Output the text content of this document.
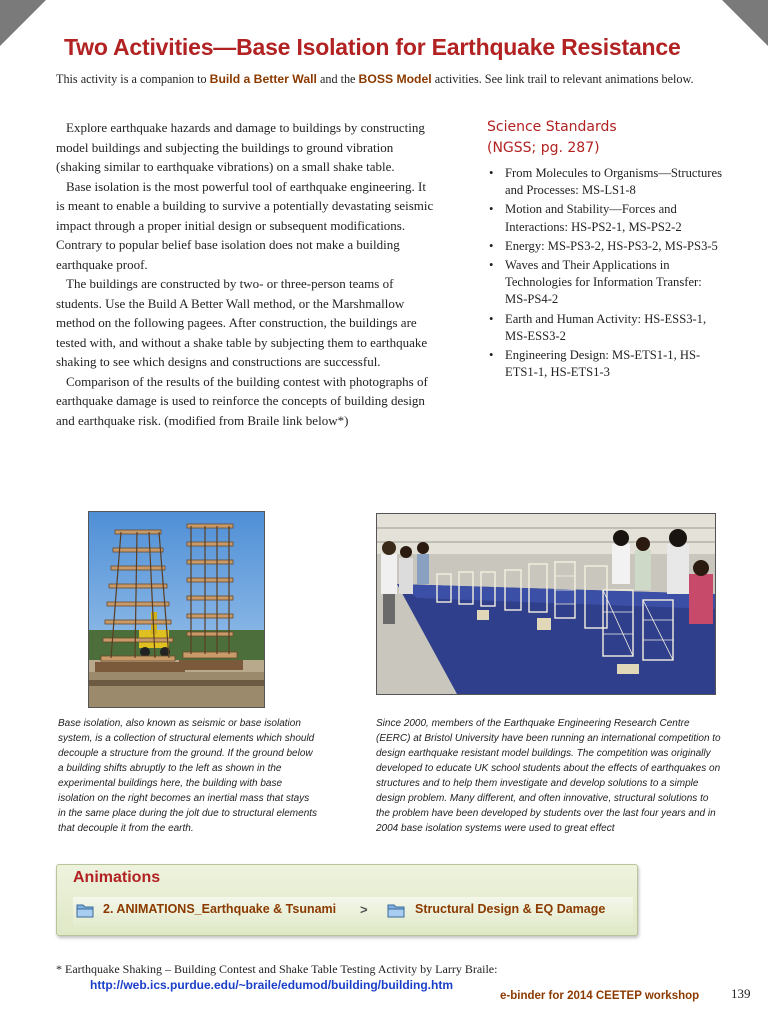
Two Activities—Base Isolation for Earthquake Resistance
This activity is a companion to Build a Better Wall and the BOSS Model activities. See link trail to relevant animations below.

Explore earthquake hazards and damage to buildings by constructing model buildings and subjecting the buildings to ground vibration (shaking similar to earthquake vibrations) on a small shake table.

Base isolation is the most powerful tool of earthquake engineering. It is meant to enable a building to survive a potentially devastating seismic impact through a proper initial design or subsequent modifications. Contrary to popular belief base isolation does not make a building earthquake proof.

The buildings are constructed by two- or three-person teams of students. Use the Build A Better Wall method, or the Marshmallow method on the following pagees. After construction, the buildings are tested with, and without a shake table by subjecting them to earthquake shaking to see which designs and constructions are successful.

Comparison of the results of the building contest with photographs of earthquake damage is used to reinforce the concepts of building design and earthquake risk. (modified from Braile link below*)

Science Standards
(NGSS; pg. 287)
• From Molecules to Organisms—Structures and Processes: MS-LS1-8
• Motion and Stability—Forces and Interactions: HS-PS2-1, MS-PS2-2
• Energy: MS-PS3-2, HS-PS3-2, MS-PS3-5
• Waves and Their Applications in Technologies for Information Transfer: MS-PS4-2
• Earth and Human Activity: HS-ESS3-1, MS-ESS3-2
• Engineering Design: MS-ETS1-1, HS-ETS1-1, HS-ETS1-3
Base isolation, also known as seismic or base isolation system, is a collection of structural elements which should decouple a structure from the ground. If the ground below a building shifts abruptly to the left as shown in the experimental buildings here, the building with base isolation on the right becomes an inertial mass that stays in the same place during the jolt due to structural elements that decouple it from the earth.
Since 2000, members of the Earthquake Engineering Research Centre (EERC) at Bristol University have been running an international competition to design earthquake resistant model buildings. The competition was originally developed to educate UK school students about the effects of earthquakes on structures and to help them investigate and develop solutions to a simple design problem. Many different, and often innovative, structural solutions to the problem have been developed by students over the last four years and in 2004 base isolation systems were used to great effect
Animations
2. ANIMATIONS_Earthquake & Tsunami >	Structural Design & EQ Damage
* Earthquake Shaking – Building Contest and Shake Table Testing Activity by Larry Braile:
http://web.ics.purdue.edu/~braile/edumod/building/building.htm
e-binder for 2014 CEETEP workshop 139
